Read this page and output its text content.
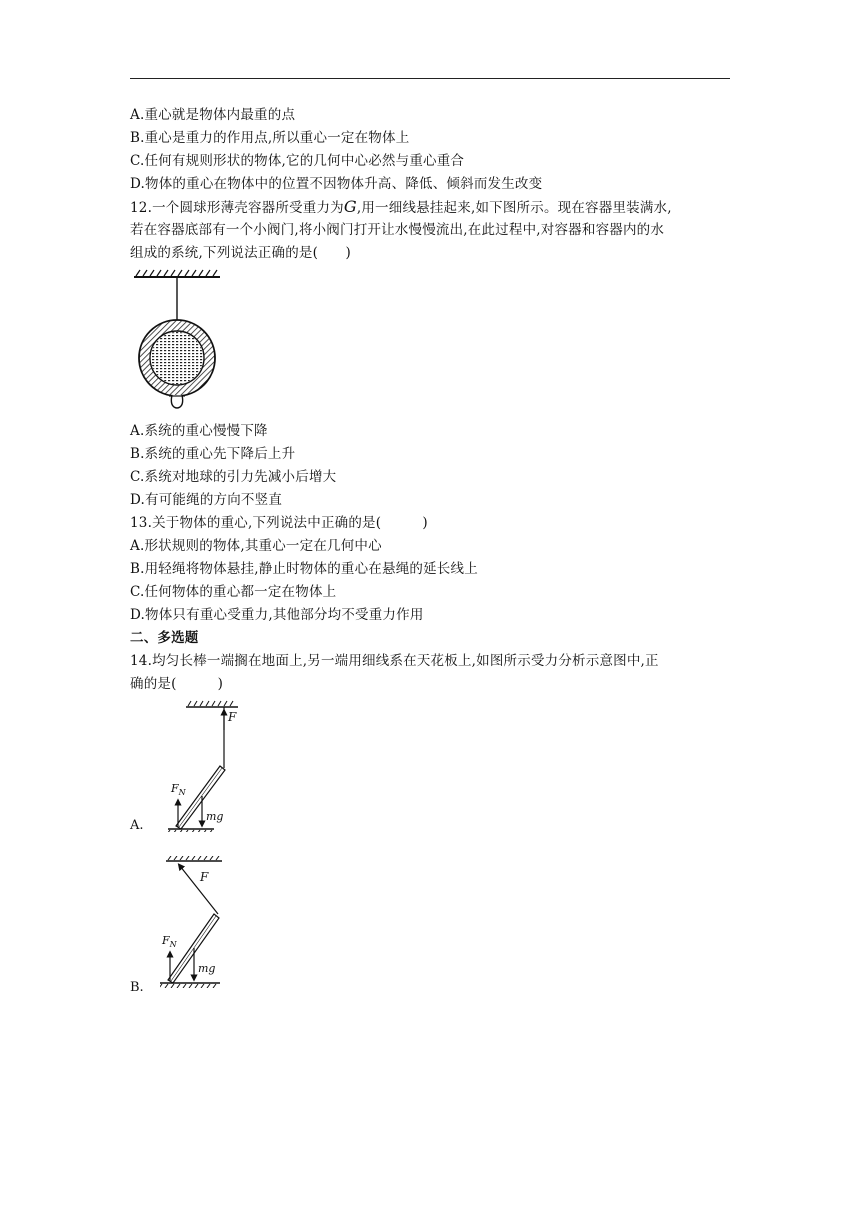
A.重心就是物体内最重的点
B.重心是重力的作用点,所以重心一定在物体上
C.任何有规则形状的物体,它的几何中心必然与重心重合
D.物体的重心在物体中的位置不因物体升高、降低、倾斜而发生改变
12.一个圆球形薄壳容器所受重力为G,用一细线悬挂起来,如下图所示。现在容器里装满水,
若在容器底部有一个小阀门,将小阀门打开让水慢慢流出,在此过程中,对容器和容器内的水
组成的系统,下列说法正确的是(　　)
A.系统的重心慢慢下降
B.系统的重心先下降后上升
C.系统对地球的引力先减小后增大
D.有可能绳的方向不竖直
13.关于物体的重心,下列说法中正确的是(　　　)
A.形状规则的物体,其重心一定在几何中心
B.用轻绳将物体悬挂,静止时物体的重心在悬绳的延长线上
C.任何物体的重心都一定在物体上
D.物体只有重心受重力,其他部分均不受重力作用
二、多选题
14.均匀长棒一端搁在地面上,另一端用细线系在天花板上,如图所示受力分析示意图中,正
确的是(　　　)
F
$F_N$
mg
A.
F
$F_N$
mg
B.
